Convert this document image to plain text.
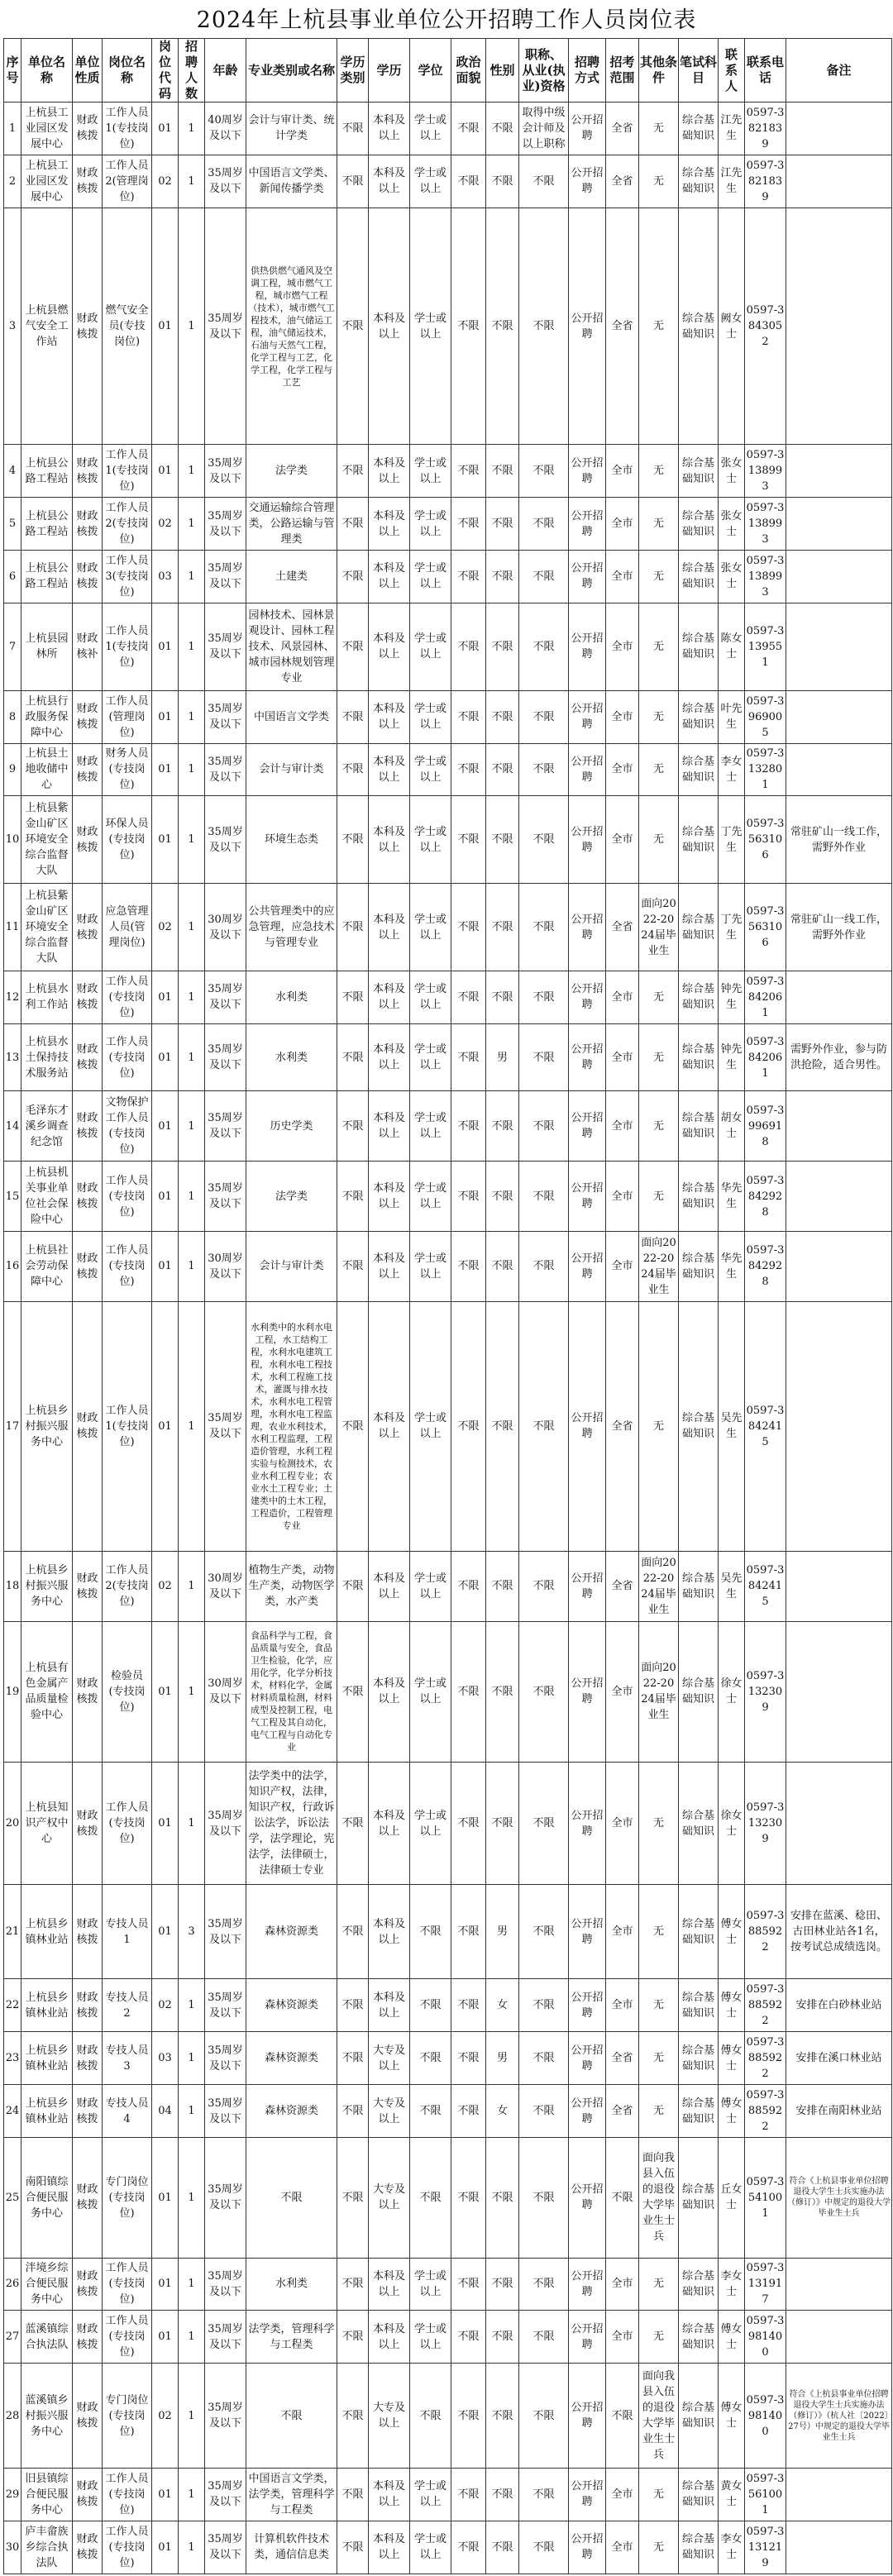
2024年上杭县事业单位公开招聘工作人员岗位表
序号	单位名称	单位性质	岗位名称	岗位代码	招聘人数	年龄	专业类别或名称	学历类别	学历	学位	政治面貌	性别	职称、从业(执业)资格	招聘方式	招考范围	其他条件	笔试科目	联系人	联系电话	备注
1	上杭县工业园区发展中心	财政核拨	工作人员1(专技岗位)	01	1	40周岁及以下	会计与审计类、统计学类	不限	本科及以上	学士或以上	不限	不限	取得中级会计师及以上职称	公开招聘	全省	无	综合基础知识	江先生	0597-3821839	
2	上杭县工业园区发展中心	财政核拨	工作人员2(管理岗位)	02	1	35周岁及以下	中国语言文学类、新闻传播学类	不限	本科及以上	学士或以上	不限	不限	不限	公开招聘	全省	无	综合基础知识	江先生	0597-3821839	
3	上杭县燃气安全工作站	财政核拨	燃气安全员(专技岗位)	01	1	35周岁及以下	供热供燃气通风及空调工程，城市燃气工程，城市燃气工程（技术），城市燃气工程技术，油气储运工程，油气储运技术，石油与天然气工程，化学工程与工艺，化学工程，化学工程与工艺	不限	本科及以上	学士或以上	不限	不限	不限	公开招聘	全省	无	综合基础知识	阙女士	0597-3843052	
4	上杭县公路工程站	财政核拨	工作人员1(专技岗位)	01	1	35周岁及以下	法学类	不限	本科及以上	学士或以上	不限	不限	不限	公开招聘	全市	无	综合基础知识	张女士	0597-3138993	
5	上杭县公路工程站	财政核拨	工作人员2(专技岗位)	02	1	35周岁及以下	交通运输综合管理类，公路运输与管理类	不限	本科及以上	学士或以上	不限	不限	不限	公开招聘	全市	无	综合基础知识	张女士	0597-3138993	
6	上杭县公路工程站	财政核拨	工作人员3(专技岗位)	03	1	35周岁及以下	土建类	不限	本科及以上	学士或以上	不限	不限	不限	公开招聘	全市	无	综合基础知识	张女士	0597-3138993	
7	上杭县园林所	财政核补	工作人员1(专技岗位)	01	1	35周岁及以下	园林技术、园林景观设计、园林工程技术、风景园林、城市园林规划管理专业	不限	本科及以上	学士或以上	不限	不限	不限	公开招聘	全市	无	综合基础知识	陈女士	0597-3139551	
8	上杭县行政服务保障中心	财政核拨	工作人员(管理岗位)	01	1	35周岁及以下	中国语言文学类	不限	本科及以上	学士或以上	不限	不限	不限	公开招聘	全市	无	综合基础知识	叶先生	0597-3969005	
9	上杭县土地收储中心	财政核拨	财务人员(专技岗位)	01	1	35周岁及以下	会计与审计类	不限	本科及以上	学士或以上	不限	不限	不限	公开招聘	全市	无	综合基础知识	李女士	0597-3132801	
10	上杭县紫金山矿区环境安全综合监督大队	财政核拨	环保人员(专技岗位)	01	1	35周岁及以下	环境生态类	不限	本科及以上	学士或以上	不限	不限	不限	公开招聘	全市	无	综合基础知识	丁先生	0597-3563106	常驻矿山一线工作，需野外作业
11	上杭县紫金山矿区环境安全综合监督大队	财政核拨	应急管理人员(管理岗位)	02	1	30周岁及以下	公共管理类中的应急管理，应急技术与管理专业	不限	本科及以上	学士或以上	不限	不限	不限	公开招聘	全省	面向2022-2024届毕业生	综合基础知识	丁先生	0597-3563106	常驻矿山一线工作，需野外作业
12	上杭县水利工作站	财政核拨	工作人员(专技岗位)	01	1	35周岁及以下	水利类	不限	本科及以上	学士或以上	不限	不限	不限	公开招聘	全市	无	综合基础知识	钟先生	0597-3842061	
13	上杭县水土保持技术服务站	财政核拨	工作人员(专技岗位)	01	1	35周岁及以下	水利类	不限	本科及以上	学士或以上	不限	男	不限	公开招聘	全市	无	综合基础知识	钟先生	0597-3842061	需野外作业，参与防洪抢险，适合男性。
14	毛泽东才溪乡调查纪念馆	财政核拨	文物保护工作人员(专技岗位)	01	1	35周岁及以下	历史学类	不限	本科及以上	学士或以上	不限	不限	不限	公开招聘	全市	无	综合基础知识	胡女士	0597-3996918	
15	上杭县机关事业单位社会保险中心	财政核拨	工作人员(专技岗位)	01	1	35周岁及以下	法学类	不限	本科及以上	学士或以上	不限	不限	不限	公开招聘	全市	无	综合基础知识	华先生	0597-3842928	
16	上杭县社会劳动保障中心	财政核拨	工作人员(专技岗位)	01	1	30周岁及以下	会计与审计类	不限	本科及以上	学士或以上	不限	不限	不限	公开招聘	全市	面向2022-2024届毕业生	综合基础知识	华先生	0597-3842928	
17	上杭县乡村振兴服务中心	财政核拨	工作人员1(专技岗位)	01	1	35周岁及以下	水利类中的水利水电工程，水工结构工程，水利水电建筑工程，水利水电工程技术，水利工程施工技术，灌溉与排水技术，水利水电工程管理，水利水电工程监理，农业水利技术，水利工程监理，工程造价管理，水利工程实验与检测技术，农业水利工程专业；农业水土工程专业；土建类中的土木工程，工程造价，工程管理专业	不限	本科及以上	学士或以上	不限	不限	不限	公开招聘	全省	无	综合基础知识	吴先生	0597-3842415	
18	上杭县乡村振兴服务中心	财政核拨	工作人员2(专技岗位)	02	1	30周岁及以下	植物生产类，动物生产类，动物医学类，水产类	不限	本科及以上	学士或以上	不限	不限	不限	公开招聘	全省	面向2022-2024届毕业生	综合基础知识	吴先生	0597-3842415	
19	上杭县有色金属产品质量检验中心	财政核拨	检验员(专技岗位)	01	1	30周岁及以下	食品科学与工程，食品质量与安全，食品卫生检验，化学，应用化学，化学分析技术，材料化学，金属材料质量检测，材料成型及控制工程，电气工程及其自动化，电气工程与自动化专业	不限	本科及以上	学士或以上	不限	不限	不限	公开招聘	全市	面向2022-2024届毕业生	综合基础知识	徐女士	0597-3132309	
20	上杭县知识产权中心	财政核拨	工作人员(专技岗位)	01	1	35周岁及以下	法学类中的法学，知识产权，法律，知识产权，行政诉讼法学，诉讼法学，法学理论，宪法学，法律硕士，法律硕士专业	不限	本科及以上	学士或以上	不限	不限	不限	公开招聘	全市	无	综合基础知识	徐女士	0597-3132309	
21	上杭县乡镇林业站	财政核拨	专技人员1	01	3	35周岁及以下	森林资源类	不限	本科及以上	不限	不限	男	不限	公开招聘	全市	无	综合基础知识	傅女士	0597-3885922	安排在蓝溪、稔田、古田林业站各1名，按考试总成绩选岗。
22	上杭县乡镇林业站	财政核拨	专技人员2	02	1	35周岁及以下	森林资源类	不限	本科及以上	不限	不限	女	不限	公开招聘	全市	无	综合基础知识	傅女士	0597-3885922	安排在白砂林业站
23	上杭县乡镇林业站	财政核拨	专技人员3	03	1	35周岁及以下	森林资源类	不限	大专及以上	不限	不限	男	不限	公开招聘	全省	无	综合基础知识	傅女士	0597-3885922	安排在溪口林业站
24	上杭县乡镇林业站	财政核拨	专技人员4	04	1	35周岁及以下	森林资源类	不限	大专及以上	不限	不限	女	不限	公开招聘	全省	无	综合基础知识	傅女士	0597-3885922	安排在南阳林业站
25	南阳镇综合便民服务中心	财政核拨	专门岗位(专技岗位)	01	1	35周岁及以下	不限	不限	大专及以上	不限	不限	不限	不限	公开招聘	不限	面向我县入伍的退役大学毕业生士兵	综合基础知识	丘女士	0597-3541001	符合《上杭县事业单位招聘退役大学生士兵实施办法（修订）》中规定的退役大学毕业生士兵
26	泮境乡综合便民服务中心	财政核拨	工作人员(专技岗位)	01	1	35周岁及以下	水利类	不限	本科及以上	学士或以上	不限	不限	不限	公开招聘	全市	无	综合基础知识	李女士	0597-3131917	
27	蓝溪镇综合执法队	财政核拨	工作人员(专技岗位)	01	1	35周岁及以下	法学类，管理科学与工程类	不限	本科及以上	学士或以上	不限	不限	不限	公开招聘	全市	无	综合基础知识	傅女士	0597-3981400	
28	蓝溪镇乡村振兴服务中心	财政核拨	专门岗位(专技岗位)	02	1	35周岁及以下	不限	不限	大专及以上	不限	不限	不限	不限	公开招聘	不限	面向我县入伍的退役大学毕业生士兵	综合基础知识	傅女士	0597-3981400	符合《上杭县事业单位招聘退役大学生士兵实施办法（修订）》（杭人社〔2022〕27号）中规定的退役大学毕业生士兵
29	旧县镇综合便民服务中心	财政核拨	工作人员(专技岗位)	01	1	35周岁及以下	中国语言文学类，法学类，管理科学与工程类	不限	本科及以上	学士或以上	不限	不限	不限	公开招聘	全市	无	综合基础知识	黄女士	0597-3561001	
30	庐丰畲族乡综合执法队	财政核拨	工作人员(专技岗位)	01	1	35周岁及以下	计算机软件技术类，通信信息类	不限	本科及以上	学士或以上	不限	不限	不限	公开招聘	全市	无	综合基础知识	李女士	0597-3131219	
